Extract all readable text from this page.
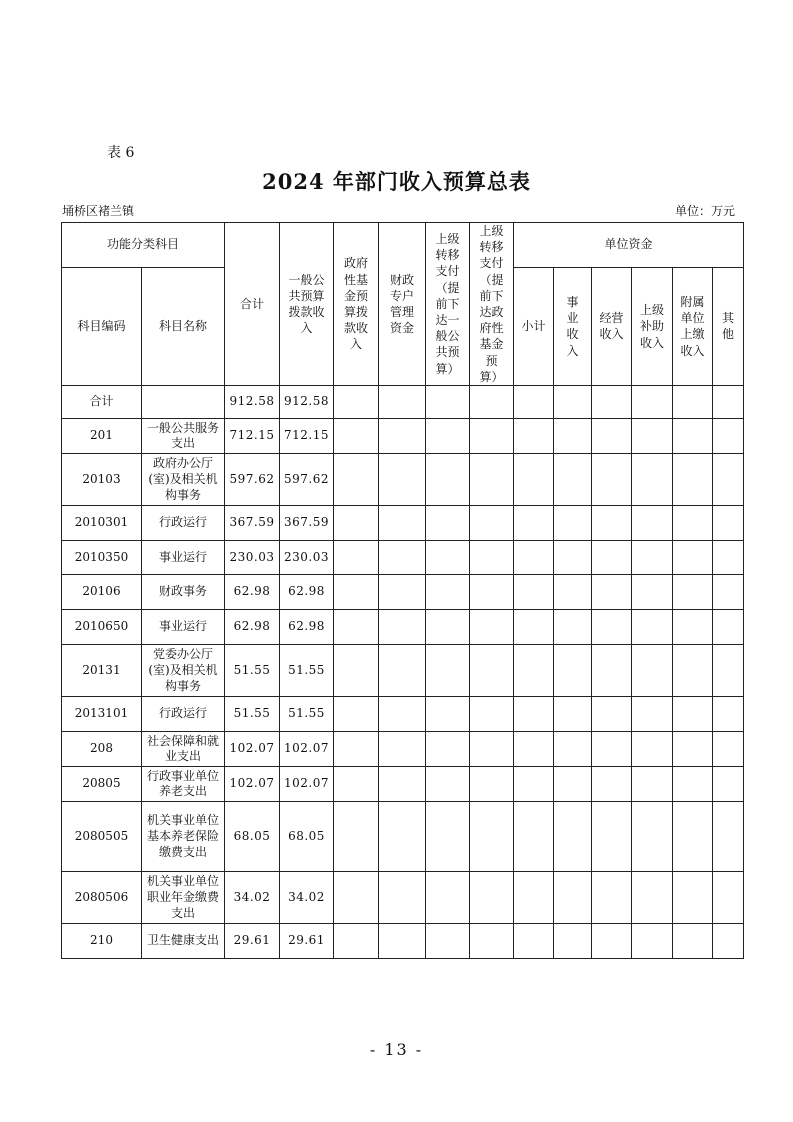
表 6
2024 年部门收入预算总表
埇桥区褚兰镇	单位：万元
功能分类科目		合计	一般公共预算拨款收入	政府性基金预算拨款收入	财政专户管理资金	上级转移支付（提前下达一般公共预算）	上级转移支付（提前下达政府性基金预算）	单位资金					
科目编码	科目名称							小计	事业收入	经营收入	上级补助收入	附属单位上缴收入	其他
合计		912.58	912.58										
201	一般公共服务支出	712.15	712.15										
20103	政府办公厅(室)及相关机构事务	597.62	597.62										
2010301	行政运行	367.59	367.59										
2010350	事业运行	230.03	230.03										
20106	财政事务	62.98	62.98										
2010650	事业运行	62.98	62.98										
20131	党委办公厅(室)及相关机构事务	51.55	51.55										
2013101	行政运行	51.55	51.55										
208	社会保障和就业支出	102.07	102.07										
20805	行政事业单位养老支出	102.07	102.07										
2080505	机关事业单位基本养老保险缴费支出	68.05	68.05										
2080506	机关事业单位职业年金缴费支出	34.02	34.02										
210	卫生健康支出	29.61	29.61										
- 13 -
